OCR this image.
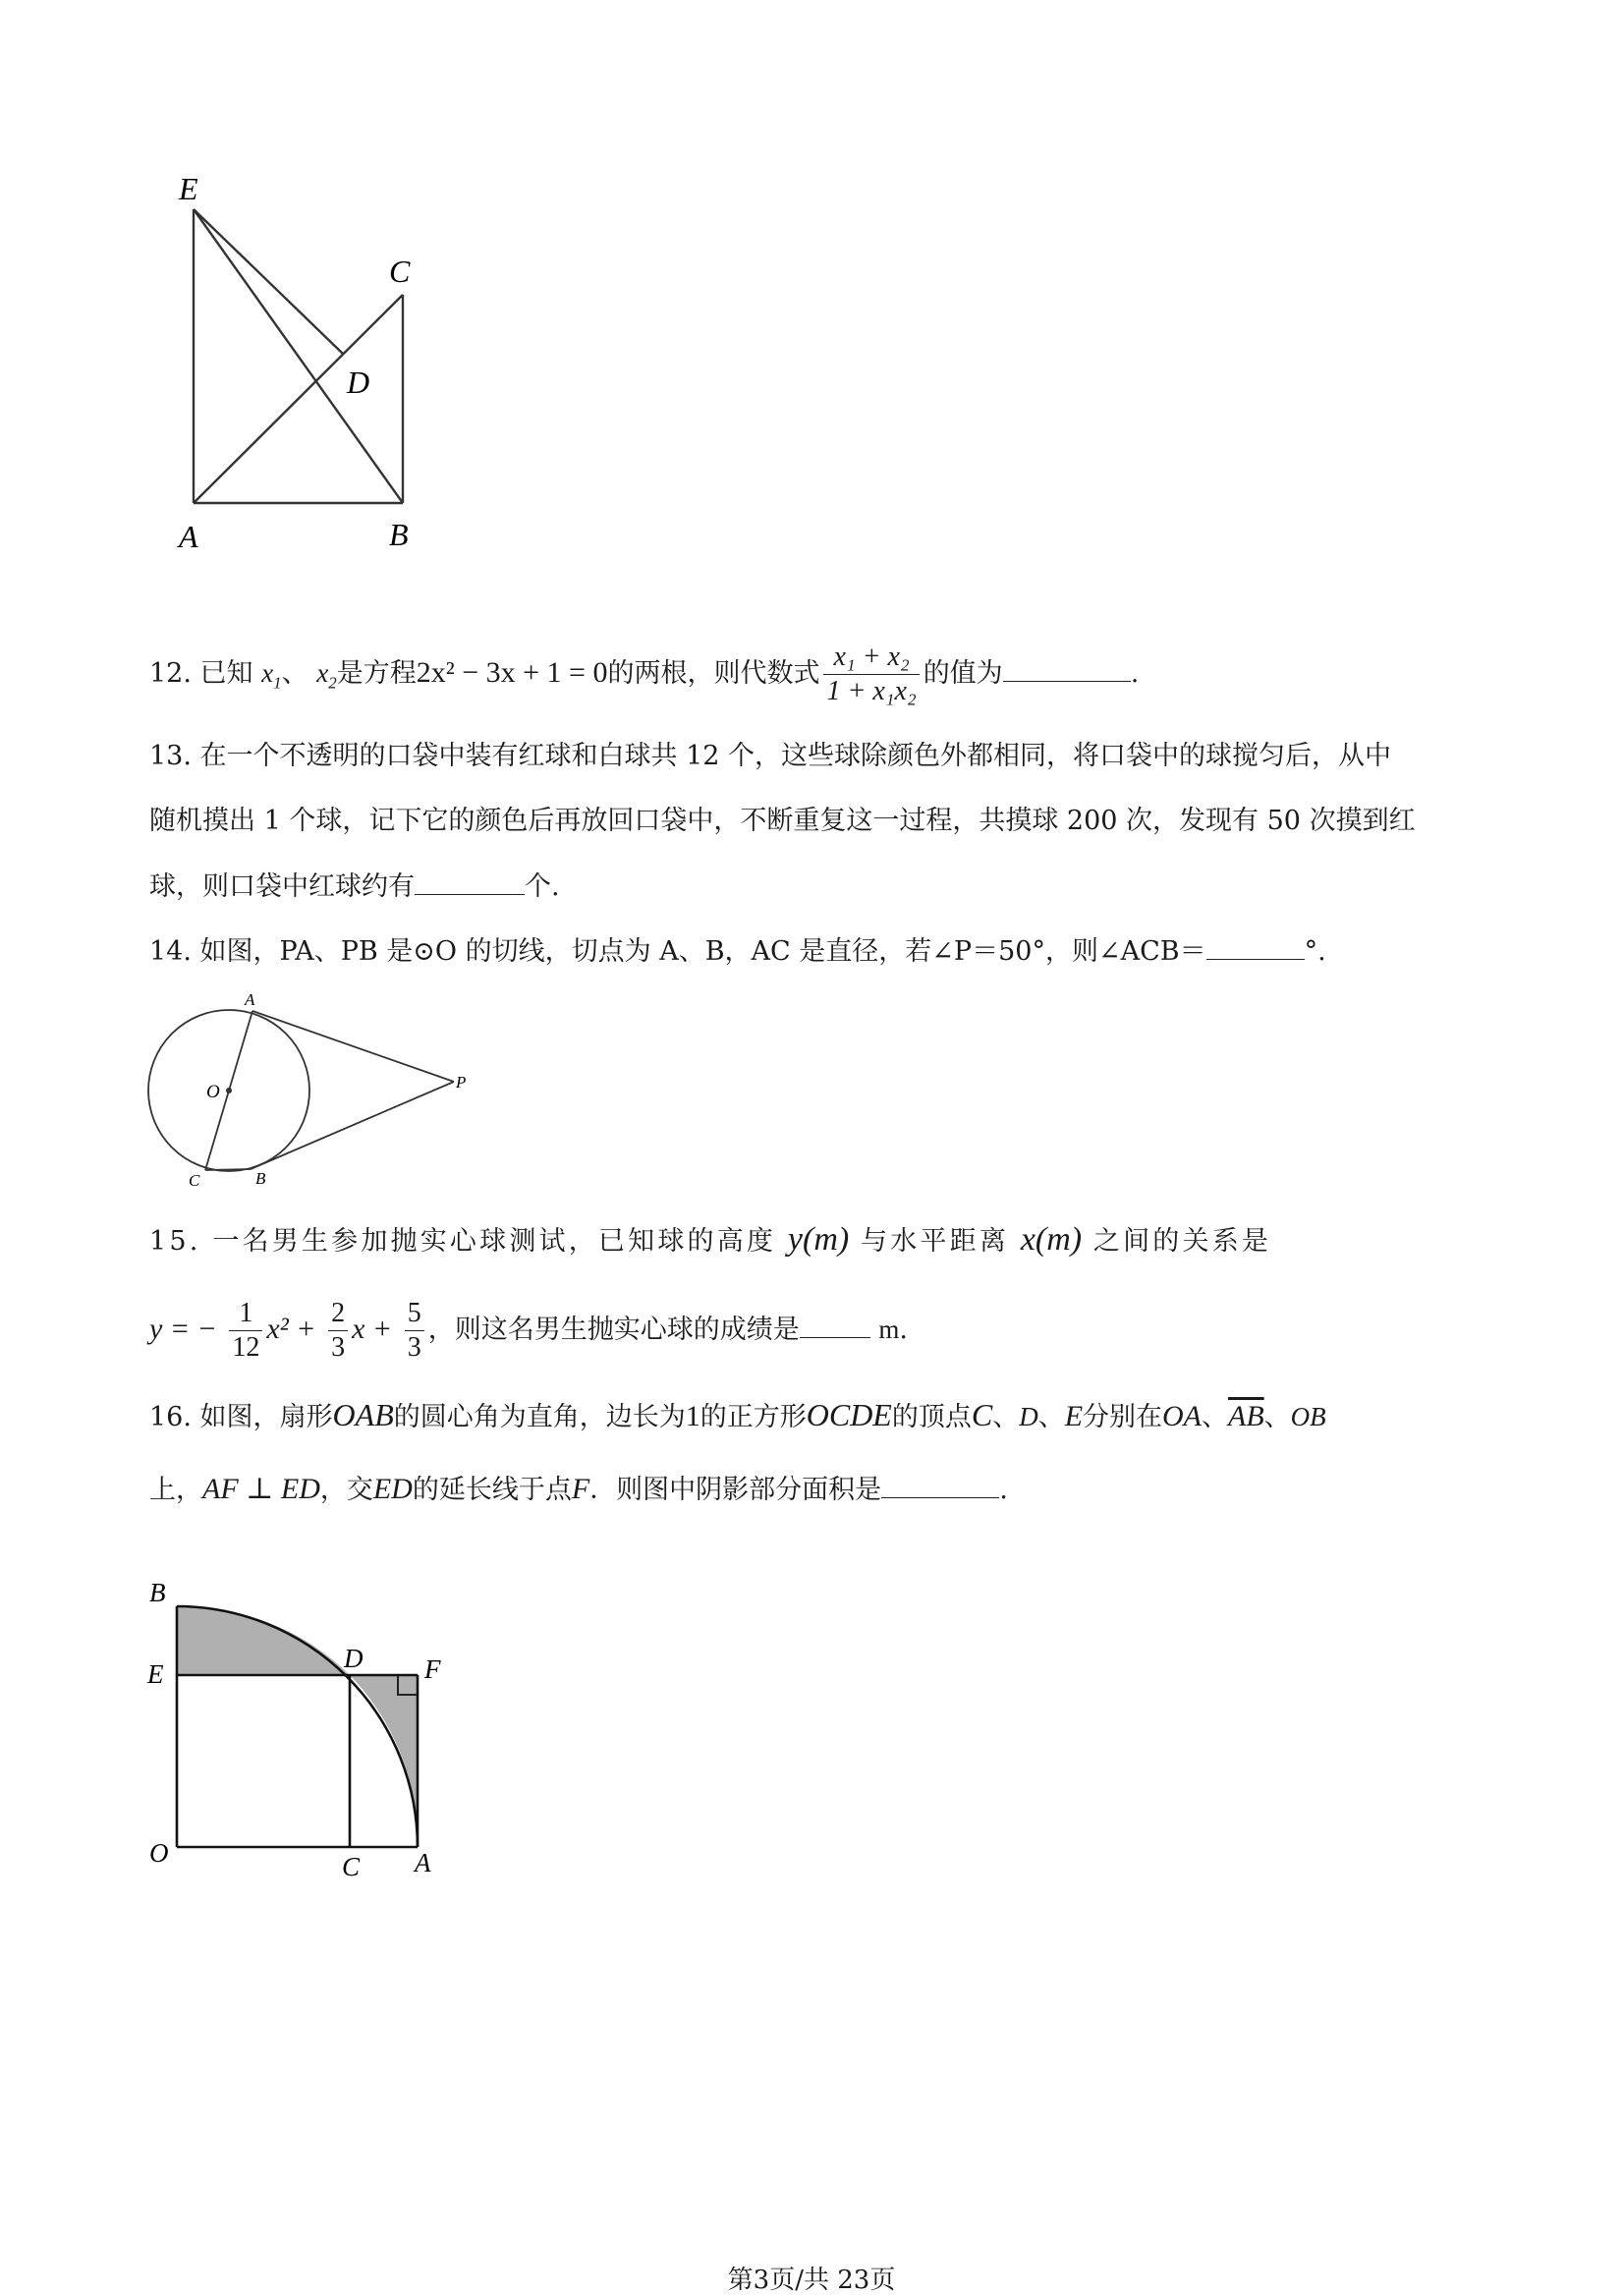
E
C
D
A	B
12. 已知 $x_1$、 $x_2$是方程2x² − 3x + 1 = 0的两根，则代数式 $\frac{\text{x₁ + x₂}}{\text{1 + x₁x₂}}$ 的值为	.
13. 在一个不透明的口袋中装有红球和白球共 12 个，这些球除颜色外都相同，将口袋中的球搅匀后，从中
随机摸出 1 个球，记下它的颜色后再放回口袋中，不断重复这一过程，共摸球 200 次，发现有 50 次摸到红
球，则口袋中红球约有	个.
14. 如图，PA、PB 是⊙O 的切线，切点为 A、B，AC 是直径，若∠P＝50°，则∠ACB＝	°.
A
O	P
C	B
15. 一名男生参加抛实心球测试，已知球的高度 y(m) 与水平距离 x(m) 之间的关系是
y = − $\frac{1}{12} x^2 + \frac{2}{3}$ $x + \frac{5}{3}$ ，则这名男生抛实心球的成绩是	m.
16. 如图，扇形OAB的圆心角为直角，边长为1的正方形OCDE的顶点C、D、E分别在OA、$\overline{AB}$、OB
上，AF ⊥ ED，交ED的延长线于点F．则图中阴影部分面积是	.
B
E
D F
O	C A
第3页/共 23页
